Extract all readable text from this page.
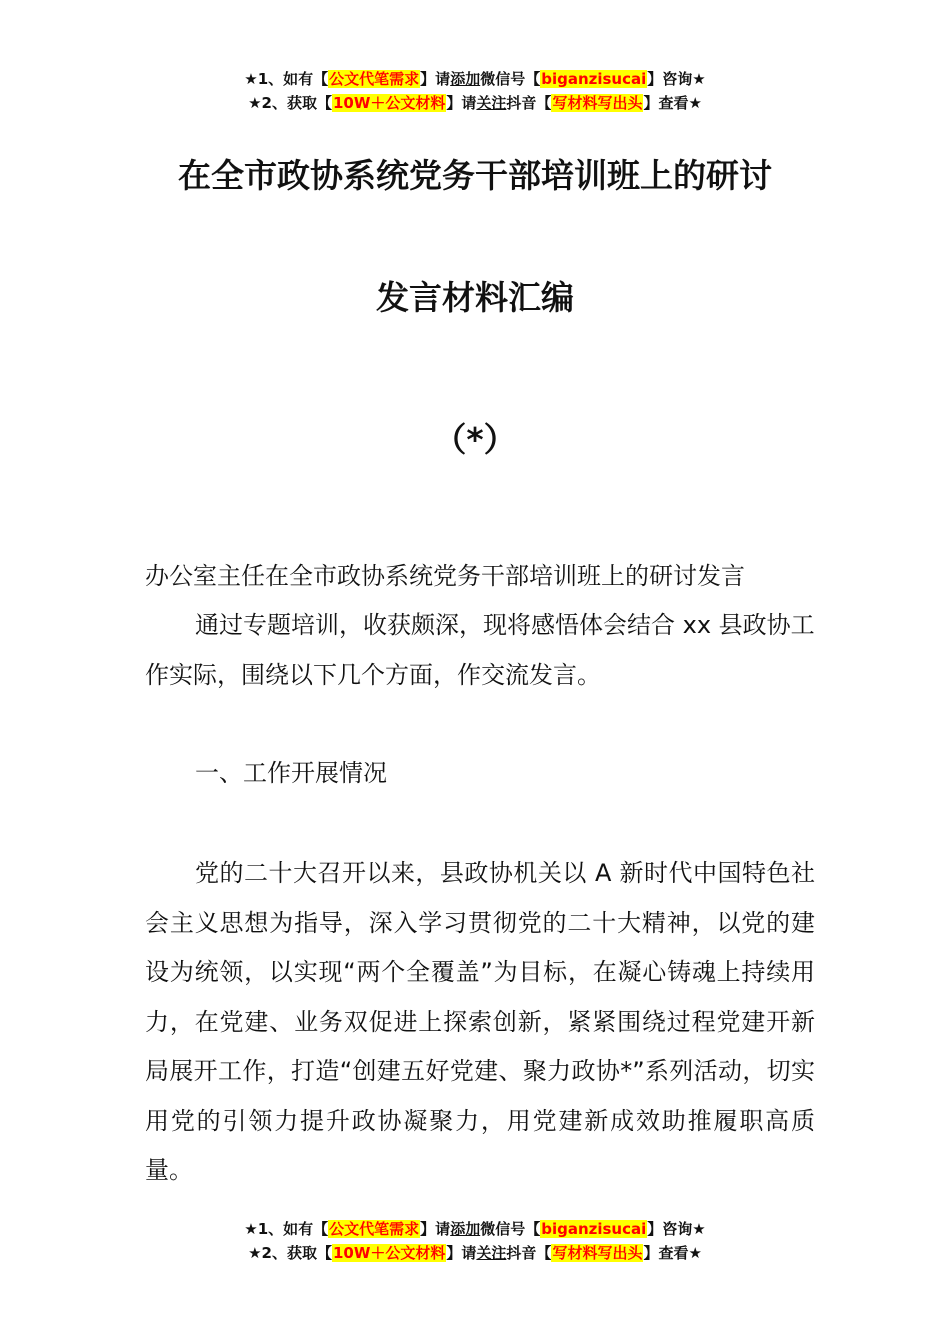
★1、如有【公文代笔需求】请添加微信号【biganzisucai】咨询★
★2、获取【10W＋公文材料】请关注抖音【写材料写出头】查看★
在全市政协系统党务干部培训班上的研讨
发言材料汇编
（*）
办公室主任在全市政协系统党务干部培训班上的研讨发言
通过专题培训，收获颇深，现将感悟体会结合 xx 县政协工作实际，围绕以下几个方面，作交流发言。
一、工作开展情况
党的二十大召开以来，县政协机关以 A 新时代中国特色社会主义思想为指导，深入学习贯彻党的二十大精神，以党的建设为统领，以实现“两个全覆盖”为目标，在凝心铸魂上持续用力，在党建、业务双促进上探索创新，紧紧围绕过程党建开新局展开工作，打造“创建五好党建、聚力政协*”系列活动，切实用党的引领力提升政协凝聚力，用党建新成效助推履职高质量。
★1、如有【公文代笔需求】请添加微信号【biganzisucai】咨询★
★2、获取【10W＋公文材料】请关注抖音【写材料写出头】查看★
